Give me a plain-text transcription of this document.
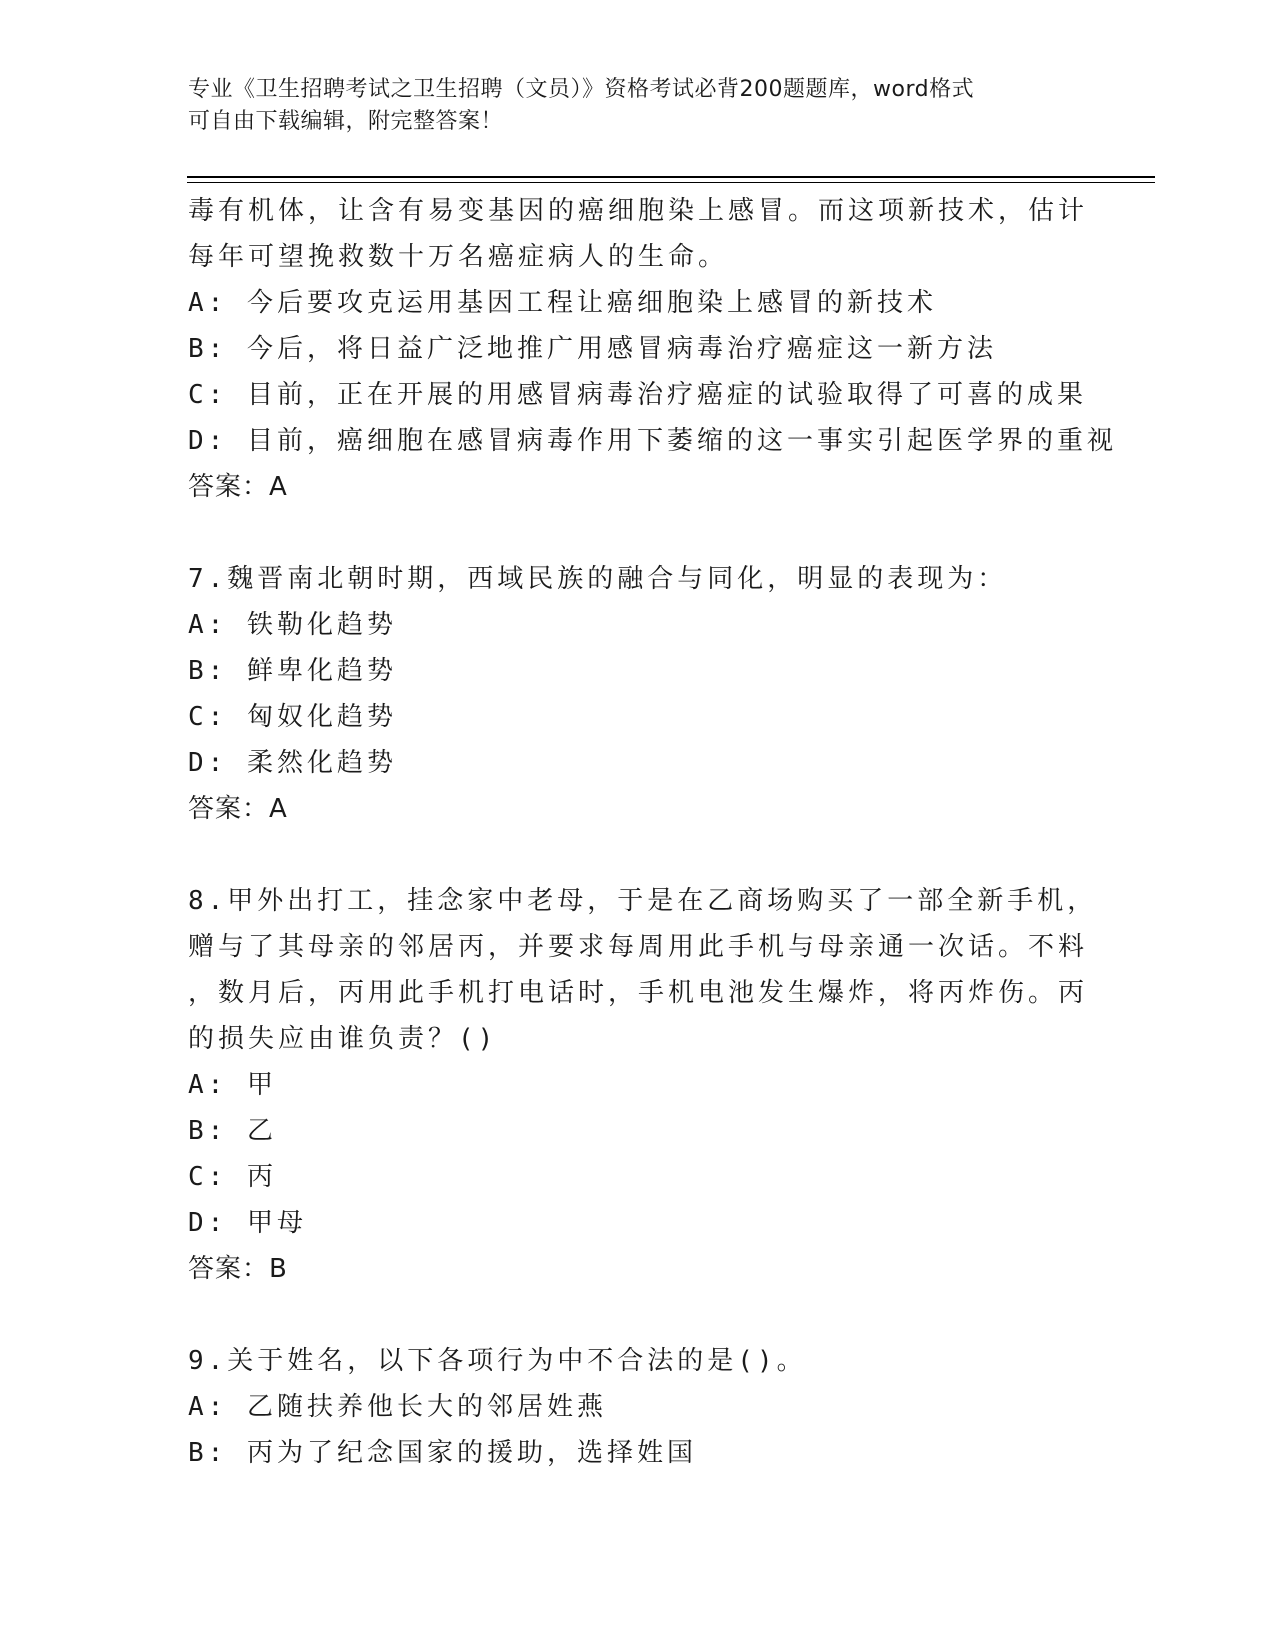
专业《卫生招聘考试之卫生招聘（文员）》资格考试必背200题题库，word格式
可自由下载编辑，附完整答案！
毒有机体，让含有易变基因的癌细胞染上感冒。而这项新技术，估计
每年可望挽救数十万名癌症病人的生命。
A: 今后要攻克运用基因工程让癌细胞染上感冒的新技术
B: 今后，将日益广泛地推广用感冒病毒治疗癌症这一新方法
C: 目前，正在开展的用感冒病毒治疗癌症的试验取得了可喜的成果
D: 目前，癌细胞在感冒病毒作用下萎缩的这一事实引起医学界的重视
答案：A
7.魏晋南北朝时期，西域民族的融合与同化，明显的表现为：
A: 铁勒化趋势
B: 鲜卑化趋势
C: 匈奴化趋势
D: 柔然化趋势
答案：A
8.甲外出打工，挂念家中老母，于是在乙商场购买了一部全新手机，
赠与了其母亲的邻居丙，并要求每周用此手机与母亲通一次话。不料
，数月后，丙用此手机打电话时，手机电池发生爆炸，将丙炸伤。丙
的损失应由谁负责？()
A: 甲
B: 乙
C: 丙
D: 甲母
答案：B
9.关于姓名，以下各项行为中不合法的是()。
A: 乙随扶养他长大的邻居姓燕
B: 丙为了纪念国家的援助，选择姓国
